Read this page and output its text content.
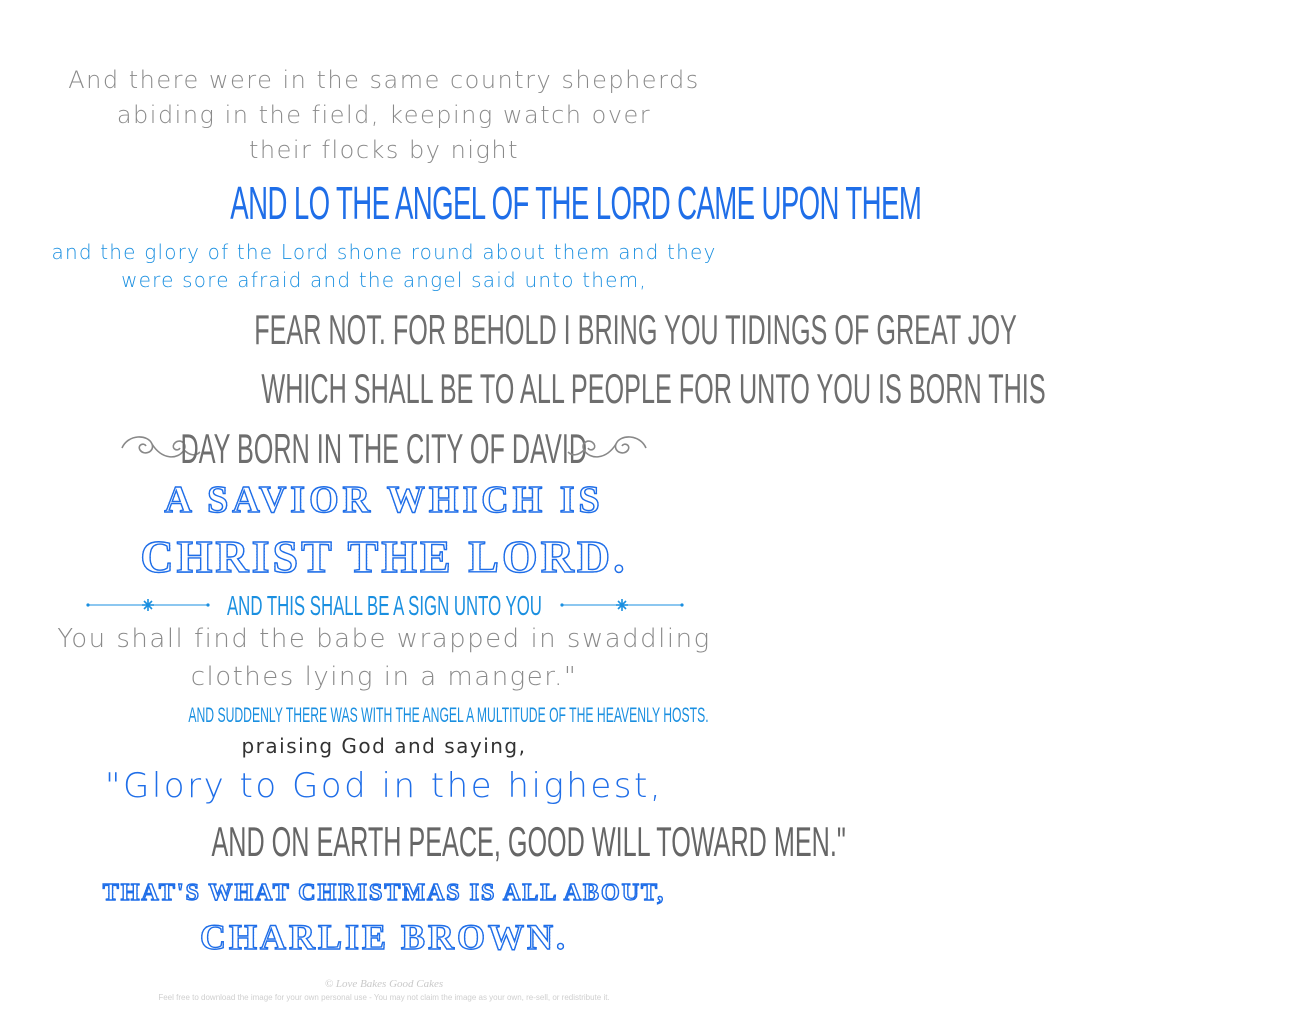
And there were in the same country shepherds
abiding in the field, keeping watch over
their flocks by night
AND LO THE ANGEL OF THE LORD CAME UPON THEM
and the glory of the Lord shone round about them and they
were sore afraid and the angel said unto them,
FEAR NOT. FOR BEHOLD I BRING YOU TIDINGS OF GREAT JOY
WHICH SHALL BE TO ALL PEOPLE FOR UNTO YOU IS BORN THIS
DAY BORN IN THE CITY OF DAVID
A SAVIOR WHICH IS
CHRIST THE LORD.
AND THIS SHALL BE A SIGN UNTO YOU
You shall find the babe wrapped in swaddling
clothes lying in a manger."
AND SUDDENLY THERE WAS WITH THE ANGEL A MULTITUDE OF THE HEAVENLY HOSTS.
praising God and saying,
"Glory to God in the highest,
AND ON EARTH PEACE, GOOD WILL TOWARD MEN."
THAT'S WHAT CHRISTMAS IS ALL ABOUT,
CHARLIE BROWN.
© Love Bakes Good Cakes
Feel free to download the image for your own personal use - You may not claim the image as your own, re-sell, or redistribute it.
